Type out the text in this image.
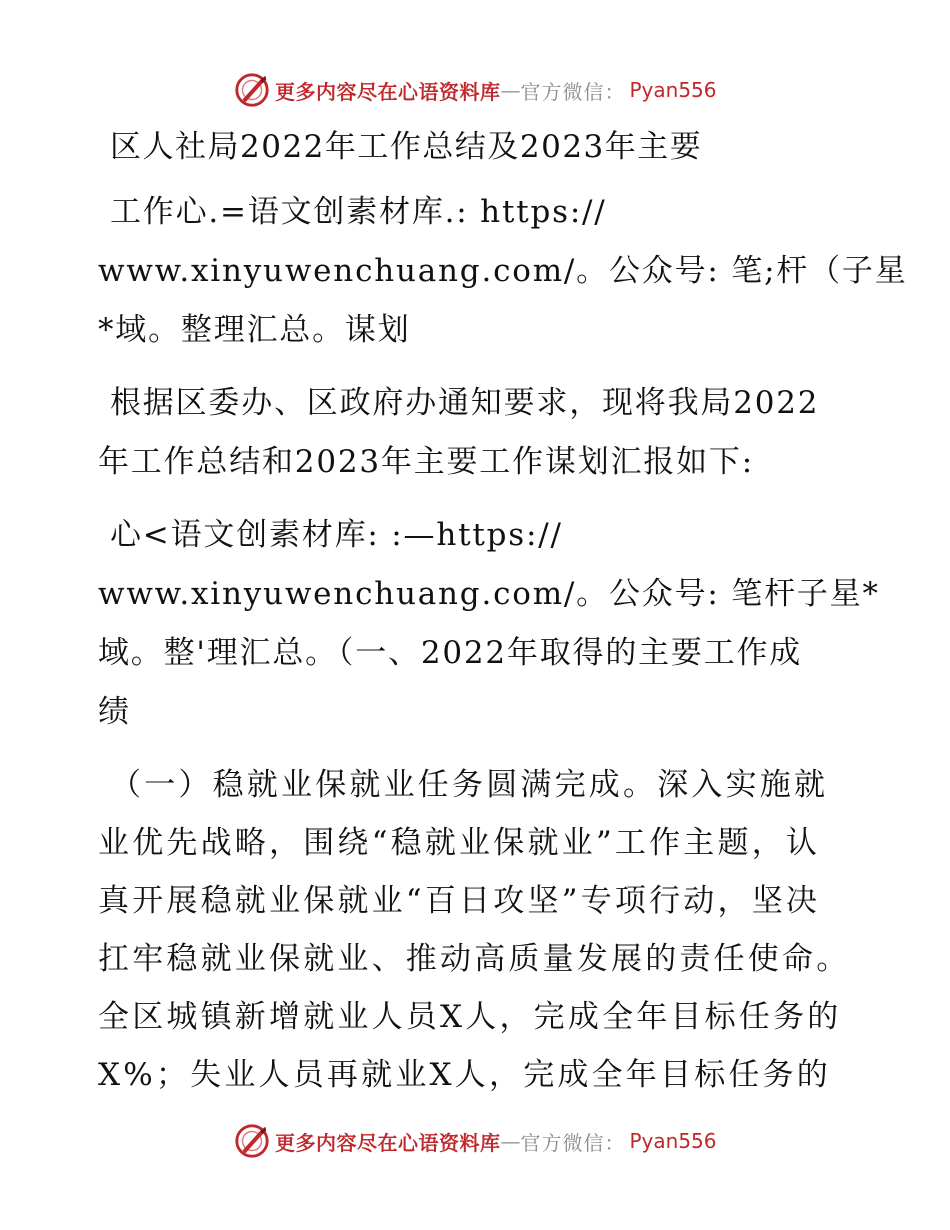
更多内容尽在心语资料库 — 官方微信： Pyan556
区人社局2022年工作总结及2023年主要
工作心.=语文创素材库.: https://
www.xinyuwenchuang.com/。公众号: 笔;杆（子星
*域。整理汇总。谋划
根据区委办、区政府办通知要求，现将我局2022
年工作总结和2023年主要工作谋划汇报如下:
心<语文创素材库: :—https://
www.xinyuwenchuang.com/。公众号: 笔杆子星*
域。整'理汇总。（一、2022年取得的主要工作成
绩
（一）稳就业保就业任务圆满完成。深入实施就
业优先战略，围绕“稳就业保就业”工作主题，认
真开展稳就业保就业“百日攻坚”专项行动，坚决
扛牢稳就业保就业、推动高质量发展的责任使命。
全区城镇新增就业人员X人，完成全年目标任务的
X%；失业人员再就业X人，完成全年目标任务的
更多内容尽在心语资料库 — 官方微信： Pyan556
